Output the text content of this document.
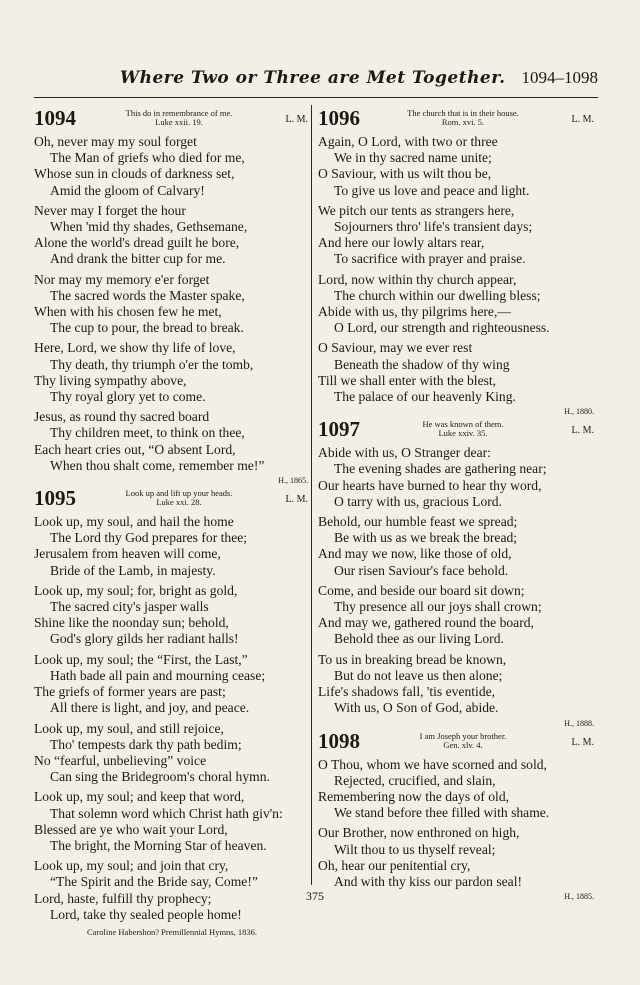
Where Two or Three are Met Together. 1094–1098
1094	This do in remembrance of me.
Luke xxii. 19.	L. M.
Oh, never may my soul forget
The Man of griefs who died for me,
Whose sun in clouds of darkness set,
Amid the gloom of Calvary!
Never may I forget the hour
When 'mid thy shades, Gethsemane,
Alone the world's dread guilt he bore,
And drank the bitter cup for me.
Nor may my memory e'er forget
The sacred words the Master spake,
When with his chosen few he met,
The cup to pour, the bread to break.
Here, Lord, we show thy life of love,
Thy death, thy triumph o'er the tomb,
Thy living sympathy above,
Thy royal glory yet to come.
Jesus, as round thy sacred board
Thy children meet, to think on thee,
Each heart cries out, “O absent Lord,
When thou shalt come, remember me!”
H., 1865.
1095	Look up and lift up your heads.
Luke xxi. 28.	L. M.
Look up, my soul, and hail the home
The Lord thy God prepares for thee;
Jerusalem from heaven will come,
Bride of the Lamb, in majesty.
Look up, my soul; for, bright as gold,
The sacred city's jasper walls
Shine like the noonday sun; behold,
God's glory gilds her radiant halls!
Look up, my soul; the “First, the Last,”
Hath bade all pain and mourning cease;
The griefs of former years are past;
All there is light, and joy, and peace.
Look up, my soul, and still rejoice,
Tho' tempests dark thy path bedim;
No “fearful, unbelieving” voice
Can sing the Bridegroom's choral hymn.
Look up, my soul; and keep that word,
That solemn word which Christ hath giv'n:
Blessed are ye who wait your Lord,
The bright, the Morning Star of heaven.
Look up, my soul; and join that cry,
“The Spirit and the Bride say, Come!”
Lord, haste, fulfill thy prophecy;
Lord, take thy sealed people home!
Caroline Habershon? Premillennial Hymns, 1836.
1096	The church that is in their house.
Rom. xvi. 5.	L. M.
Again, O Lord, with two or three
We in thy sacred name unite;
O Saviour, with us wilt thou be,
To give us love and peace and light.
We pitch our tents as strangers here,
Sojourners thro' life's transient days;
And here our lowly altars rear,
To sacrifice with prayer and praise.
Lord, now within thy church appear,
The church within our dwelling bless;
Abide with us, thy pilgrims here,—
O Lord, our strength and righteousness.
O Saviour, may we ever rest
Beneath the shadow of thy wing
Till we shall enter with the blest,
The palace of our heavenly King.
H., 1880.
1097	He was known of them.
Luke xxiv. 35.	L. M.
Abide with us, O Stranger dear:
The evening shades are gathering near;
Our hearts have burned to hear thy word,
O tarry with us, gracious Lord.
Behold, our humble feast we spread;
Be with us as we break the bread;
And may we now, like those of old,
Our risen Saviour's face behold.
Come, and beside our board sit down;
Thy presence all our joys shall crown;
And may we, gathered round the board,
Behold thee as our living Lord.
To us in breaking bread be known,
But do not leave us then alone;
Life's shadows fall, 'tis eventide,
With us, O Son of God, abide.
H., 1888.
1098	I am Joseph your brother.
Gen. xlv. 4.	L. M.
O Thou, whom we have scorned and sold,
Rejected, crucified, and slain,
Remembering now the days of old,
We stand before thee filled with shame.
Our Brother, now enthroned on high,
Wilt thou to us thyself reveal;
Oh, hear our penitential cry,
And with thy kiss our pardon seal!
H., 1885.
375
